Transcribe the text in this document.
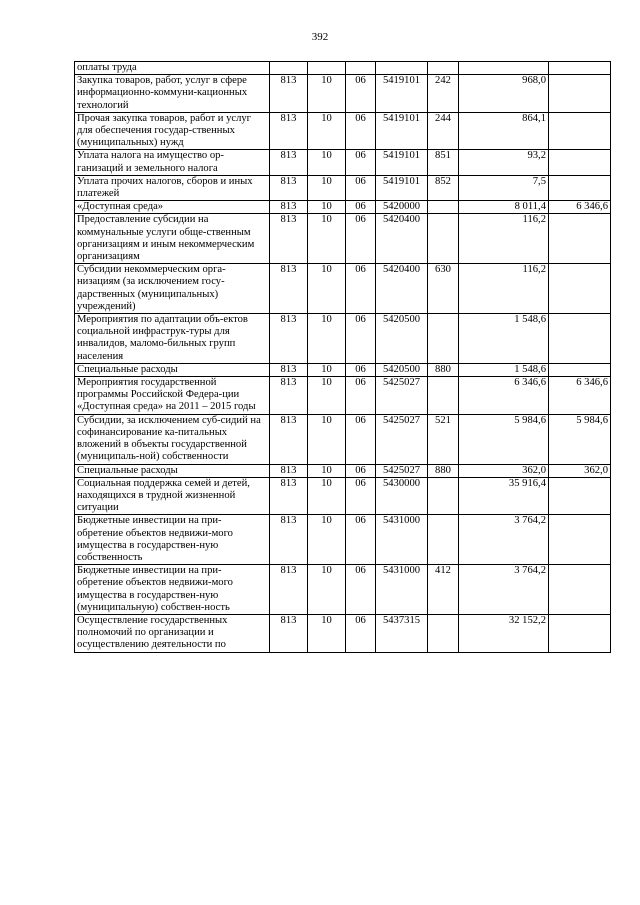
392
оплаты труда							
Закупка товаров, работ, услуг в сфере информационно-коммуни-кационных технологий	813	10	06	5419101	242	968,0	
Прочая закупка товаров, работ и услуг для обеспечения государ-ственных (муниципальных) нужд	813	10	06	5419101	244	864,1	
Уплата налога на имущество ор-ганизаций и земельного налога	813	10	06	5419101	851	93,2	
Уплата прочих налогов, сборов и иных платежей	813	10	06	5419101	852	7,5	
«Доступная среда»	813	10	06	5420000		8 011,4	6 346,6
Предоставление субсидии на коммунальные услуги обще-ственным организациям и иным некоммерческим организациям	813	10	06	5420400		116,2	
Субсидии некоммерческим орга-низациям (за исключением госу-дарственных (муниципальных) учреждений)	813	10	06	5420400	630	116,2	
Мероприятия по адаптации объ-ектов социальной инфраструк-туры для инвалидов, маломо-бильных групп населения	813	10	06	5420500		1 548,6	
Специальные расходы	813	10	06	5420500	880	1 548,6	
Мероприятия государственной программы Российской Федера-ции «Доступная среда» на 2011 – 2015 годы	813	10	06	5425027		6 346,6	6 346,6
Субсидии, за исключением суб-сидий на софинансирование ка-питальных вложений в объекты государственной (муниципаль-ной) собственности	813	10	06	5425027	521	5 984,6	5 984,6
Специальные расходы	813	10	06	5425027	880	362,0	362,0
Социальная поддержка семей и детей, находящихся в трудной жизненной ситуации	813	10	06	5430000		35 916,4	
Бюджетные инвестиции на при-обретение объектов недвижи-мого имущества в государствен-ную собственность	813	10	06	5431000		3 764,2	
Бюджетные инвестиции на при-обретение объектов недвижи-мого имущества в государствен-ную (муниципальную) собствен-ность	813	10	06	5431000	412	3 764,2	
Осуществление государственных полномочий по организации и осуществлению деятельности по	813	10	06	5437315		32 152,2	
